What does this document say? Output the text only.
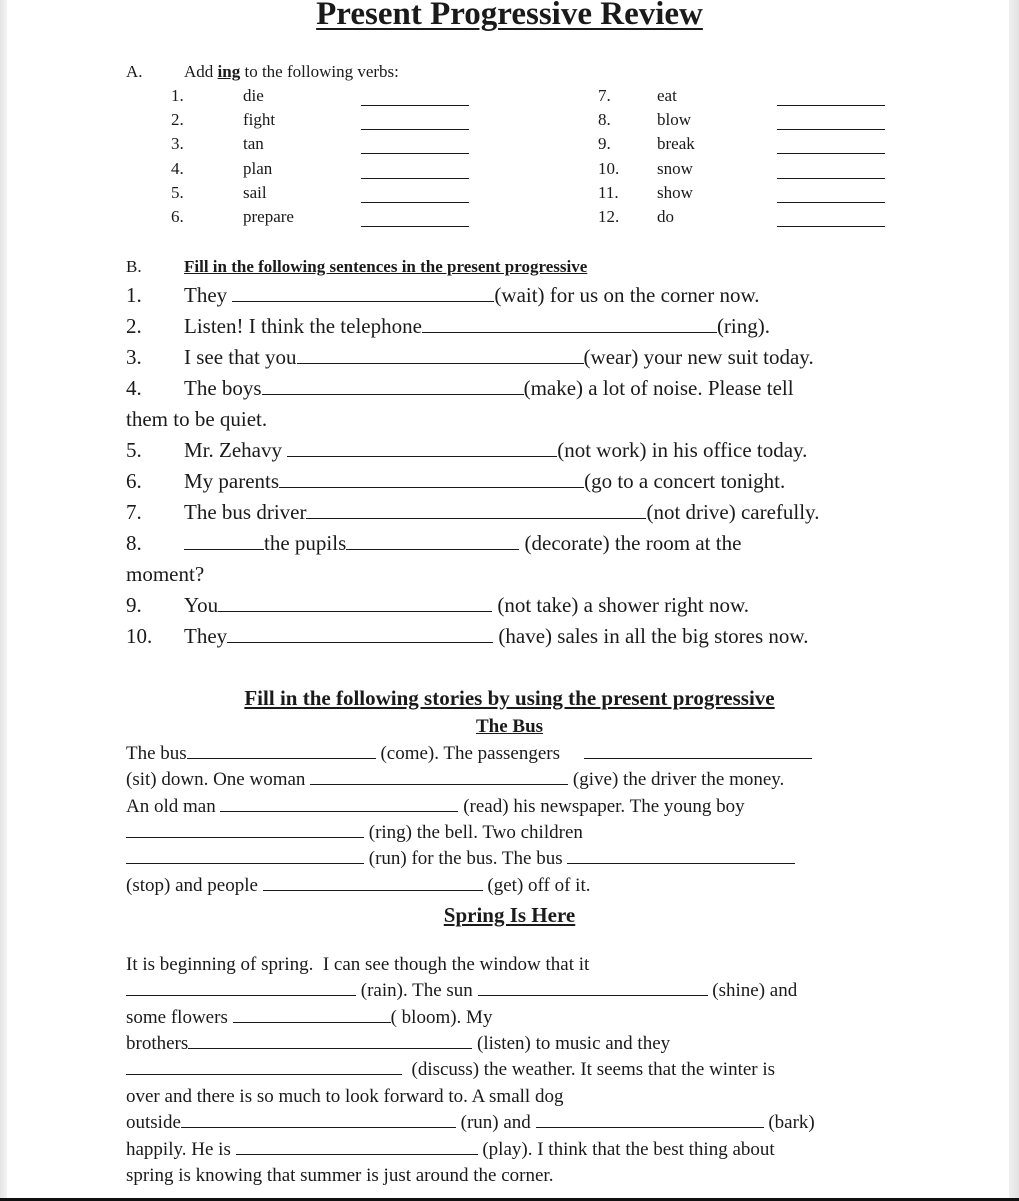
Present Progressive Review
A. Add ing to the following verbs:
1.	die
2.	fight
3.	tan
4.	plan
5.	sail
6.	prepare
7.	eat
8.	blow
9.	break
10. snow
11. show
12. do
B. Fill in the following sentences in the present progressive
1. They	(wait) for us on the corner now.
2. Listen! I think the telephone	(ring).
3. I see that you	(wear) your new suit today.
4. The boys	(make) a lot of noise. Please tell
them to be quiet.
5. Mr. Zehavy	(not work) in his office today.
6. My parents	(go to a concert tonight.
7. The bus driver	(not drive) carefully.
8.	the pupils	(decorate) the room at the
moment?
9. You	(not take) a shower right now.
10. They	(have) sales in all the big stores now.
Fill in the following stories by using the present progressive
The Bus
The bus	(come). The passengers
(sit) down. One woman	(give) the driver the money.
An old man	(read) his newspaper. The young boy
(ring) the bell. Two children
(run) for the bus. The bus
(stop) and people	(get) off of it.
Spring Is Here
It is beginning of spring.  I can see though the window that it
(rain). The sun	(shine) and
some flowers	( bloom). My
brothers	(listen) to music and they
(discuss) the weather. It seems that the winter is
over and there is so much to look forward to. A small dog
outside	(run) and	(bark)
happily. He is	(play). I think that the best thing about
spring is knowing that summer is just around the corner.
